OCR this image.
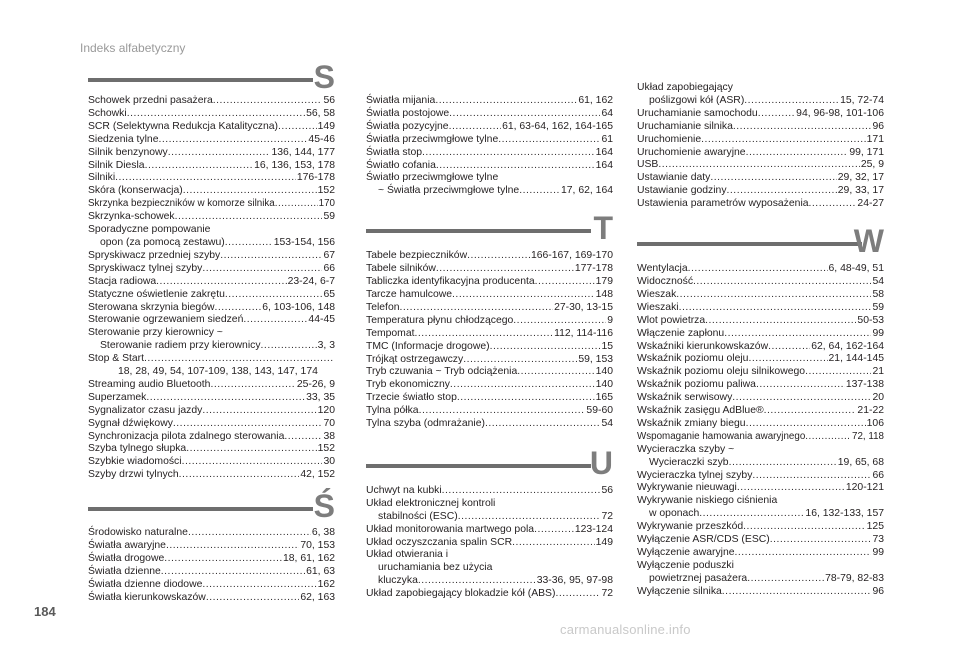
Indeks alfabetyczny
S
Schowek przedni pasażera .....	56
Schowki .....	56, 58
SCR (Selektywna Redukcja Katalityczna) .....	149
Siedzenia tylne .....	45-46
Silnik benzynowy .....	136, 144, 177
Silnik Diesla .....	16, 136, 153, 178
Silniki .....	176-178
Skóra (konserwacja) .....	152
Skrzynka bezpieczników w komorze silnika .....	170
Skrzynka-schowek .....	59
Sporadyczne pompowanie
opon (za pomocą zestawu) .....	153-154, 156
Spryskiwacz przedniej szyby .....	67
Spryskiwacz tylnej szyby .....	66
Stacja radiowa .....	23-24, 6-7
Statyczne oświetlenie zakrętu .....	65
Sterowana skrzynia biegów .....	6, 103-106, 148
Sterowanie ogrzewaniem siedzeń .....	44-45
Sterowanie przy kierownicy ~
Sterowanie radiem przy kierownicy .....	3, 3
Stop & Start
.....
18, 28, 49, 54, 107-109, 138, 143, 147, 174
Streaming audio Bluetooth .....	25-26, 9
Superzamek .....	33, 35
Sygnalizator czasu jazdy .....	120
Sygnał dźwiękowy .....	70
Synchronizacja pilota zdalnego sterowania .....	38
Szyba tylnego słupka .....	152
Szybkie wiadomości .....	30
Szyby drzwi tylnych .....	42, 152
Ś
Środowisko naturalne .....	6, 38
Światła awaryjne .....	70, 153
Światła drogowe .....	18, 61, 162
Światła dzienne .....	61, 63
Światła dzienne diodowe .....	162
Światła kierunkowskazów .....	62, 163
Światła mijania .....	61, 162
Światła postojowe .....	64
Światła pozycyjne .....	61, 63-64, 162, 164-165
Światła przeciwmgłowe tylne .....	61
Światła stop .....	164
Światło cofania .....	164
Światło przeciwmgłowe tylne
~ Światła przeciwmgłowe tylne .....	17, 62, 164
T
Tabele bezpieczników .....	166-167, 169-170
Tabele silników .....	177-178
Tabliczka identyfikacyjna producenta .....	179
Tarcze hamulcowe .....	148
Telefon .....	27-30, 13-15
Temperatura płynu chłodzącego .....	9
Tempomat .....	112, 114-116
TMC (Informacje drogowe) .....	15
Trójkąt ostrzegawczy .....	59, 153
Tryb czuwania ~ Tryb odciążenia .....	140
Tryb ekonomiczny .....	140
Trzecie światło stop .....	165
Tylna półka .....	59-60
Tylna szyba (odmrażanie) .....	54
U
Uchwyt na kubki .....	56
Układ elektronicznej kontroli
stabilności (ESC) .....	72
Układ monitorowania martwego pola .....	123-124
Układ oczyszczania spalin SCR .....	149
Układ otwierania i
uruchamiania bez użycia
kluczyka .....	33-36, 95, 97-98
Układ zapobiegający blokadzie kół (ABS) .....	72
Układ zapobiegający
poślizgowi kół (ASR) .....	15, 72-74
Uruchamianie samochodu .....	94, 96-98, 101-106
Uruchamianie silnika .....	96
Uruchomienie .....	171
Uruchomienie awaryjne .....	99, 171
USB .....	25, 9
Ustawianie daty .....	29, 32, 17
Ustawianie godziny .....	29, 33, 17
Ustawienia parametrów wyposażenia .....	24-27
W
Wentylacja .....	6, 48-49, 51
Widoczność .....	54
Wieszak .....	58
Wieszaki .....	59
Wlot powietrza .....	50-53
Włączenie zapłonu .....	99
Wskaźniki kierunkowskazów .....	62, 64, 162-164
Wskaźnik poziomu oleju .....	21, 144-145
Wskaźnik poziomu oleju silnikowego .....	21
Wskaźnik poziomu paliwa .....	137-138
Wskaźnik serwisowy .....	20
Wskaźnik zasięgu AdBlue® .....	21-22
Wskaźnik zmiany biegu .....	106
Wspomaganie hamowania awaryjnego .....	72, 118
Wycieraczka szyby ~
Wycieraczki szyb .....	19, 65, 68
Wycieraczka tylnej szyby .....	66
Wykrywanie nieuwagi .....	120-121
Wykrywanie niskiego ciśnienia
w oponach .....	16, 132-133, 157
Wykrywanie przeszkód .....	125
Wyłączenie ASR/CDS (ESC) .....	73
Wyłączenie awaryjne .....	99
Wyłączenie poduszki
powietrznej pasażera .....	78-79, 82-83
Wyłączenie silnika .....	96
184
carmanualsonline.info
